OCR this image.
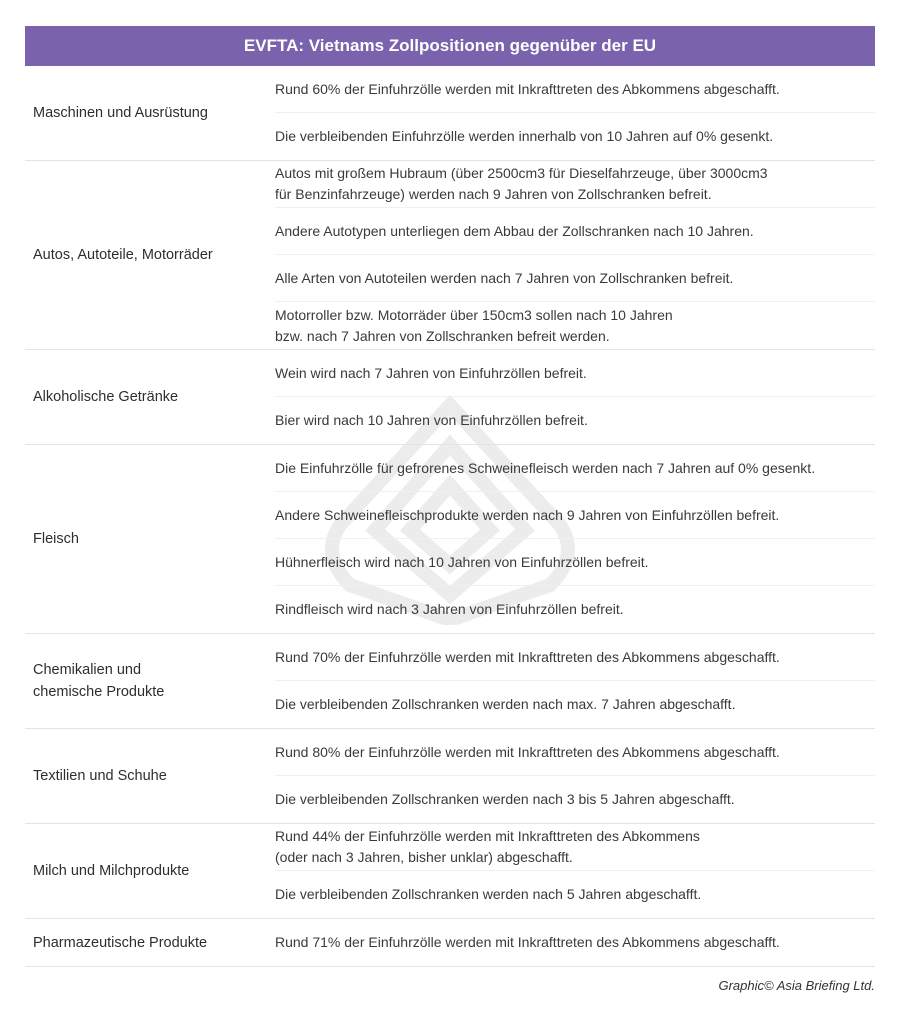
EVFTA: Vietnams Zollpositionen gegenüber der EU
Maschinen und Ausrüstung
Rund 60% der Einfuhrzölle werden mit Inkrafttreten des Abkommens abgeschafft.
Die verbleibenden Einfuhrzölle werden innerhalb von 10 Jahren auf 0% gesenkt.
Autos, Autoteile, Motorräder
Autos mit großem Hubraum (über 2500cm3 für Dieselfahrzeuge, über 3000cm3
für Benzinfahrzeuge) werden nach 9 Jahren von Zollschranken befreit.
Andere Autotypen unterliegen dem Abbau der Zollschranken nach 10 Jahren.
Alle Arten von Autoteilen werden nach 7 Jahren von Zollschranken befreit.
Motorroller bzw. Motorräder über 150cm3 sollen nach 10 Jahren
bzw. nach 7 Jahren von Zollschranken befreit werden.
Alkoholische Getränke
Wein wird nach 7 Jahren von Einfuhrzöllen befreit.
Bier wird nach 10 Jahren von Einfuhrzöllen befreit.
Fleisch
Die Einfuhrzölle für gefrorenes Schweinefleisch werden nach 7 Jahren auf 0% gesenkt.
Andere Schweinefleischprodukte werden nach 9 Jahren von Einfuhrzöllen befreit.
Hühnerfleisch wird nach 10 Jahren von Einfuhrzöllen befreit.
Rindfleisch wird nach 3 Jahren von Einfuhrzöllen befreit.
Chemikalien und
chemische Produkte
Rund 70% der Einfuhrzölle werden mit Inkrafttreten des Abkommens abgeschafft.
Die verbleibenden Zollschranken werden nach max. 7 Jahren abgeschafft.
Textilien und Schuhe
Rund 80% der Einfuhrzölle werden mit Inkrafttreten des Abkommens abgeschafft.
Die verbleibenden Zollschranken werden nach 3 bis 5 Jahren abgeschafft.
Milch und Milchprodukte
Rund 44% der Einfuhrzölle werden mit Inkrafttreten des Abkommens
(oder nach 3 Jahren, bisher unklar) abgeschafft.
Die verbleibenden Zollschranken werden nach 5 Jahren abgeschafft.
Pharmazeutische Produkte	Rund 71% der Einfuhrzölle werden mit Inkrafttreten des Abkommens abgeschafft.
Graphic© Asia Briefing Ltd.
